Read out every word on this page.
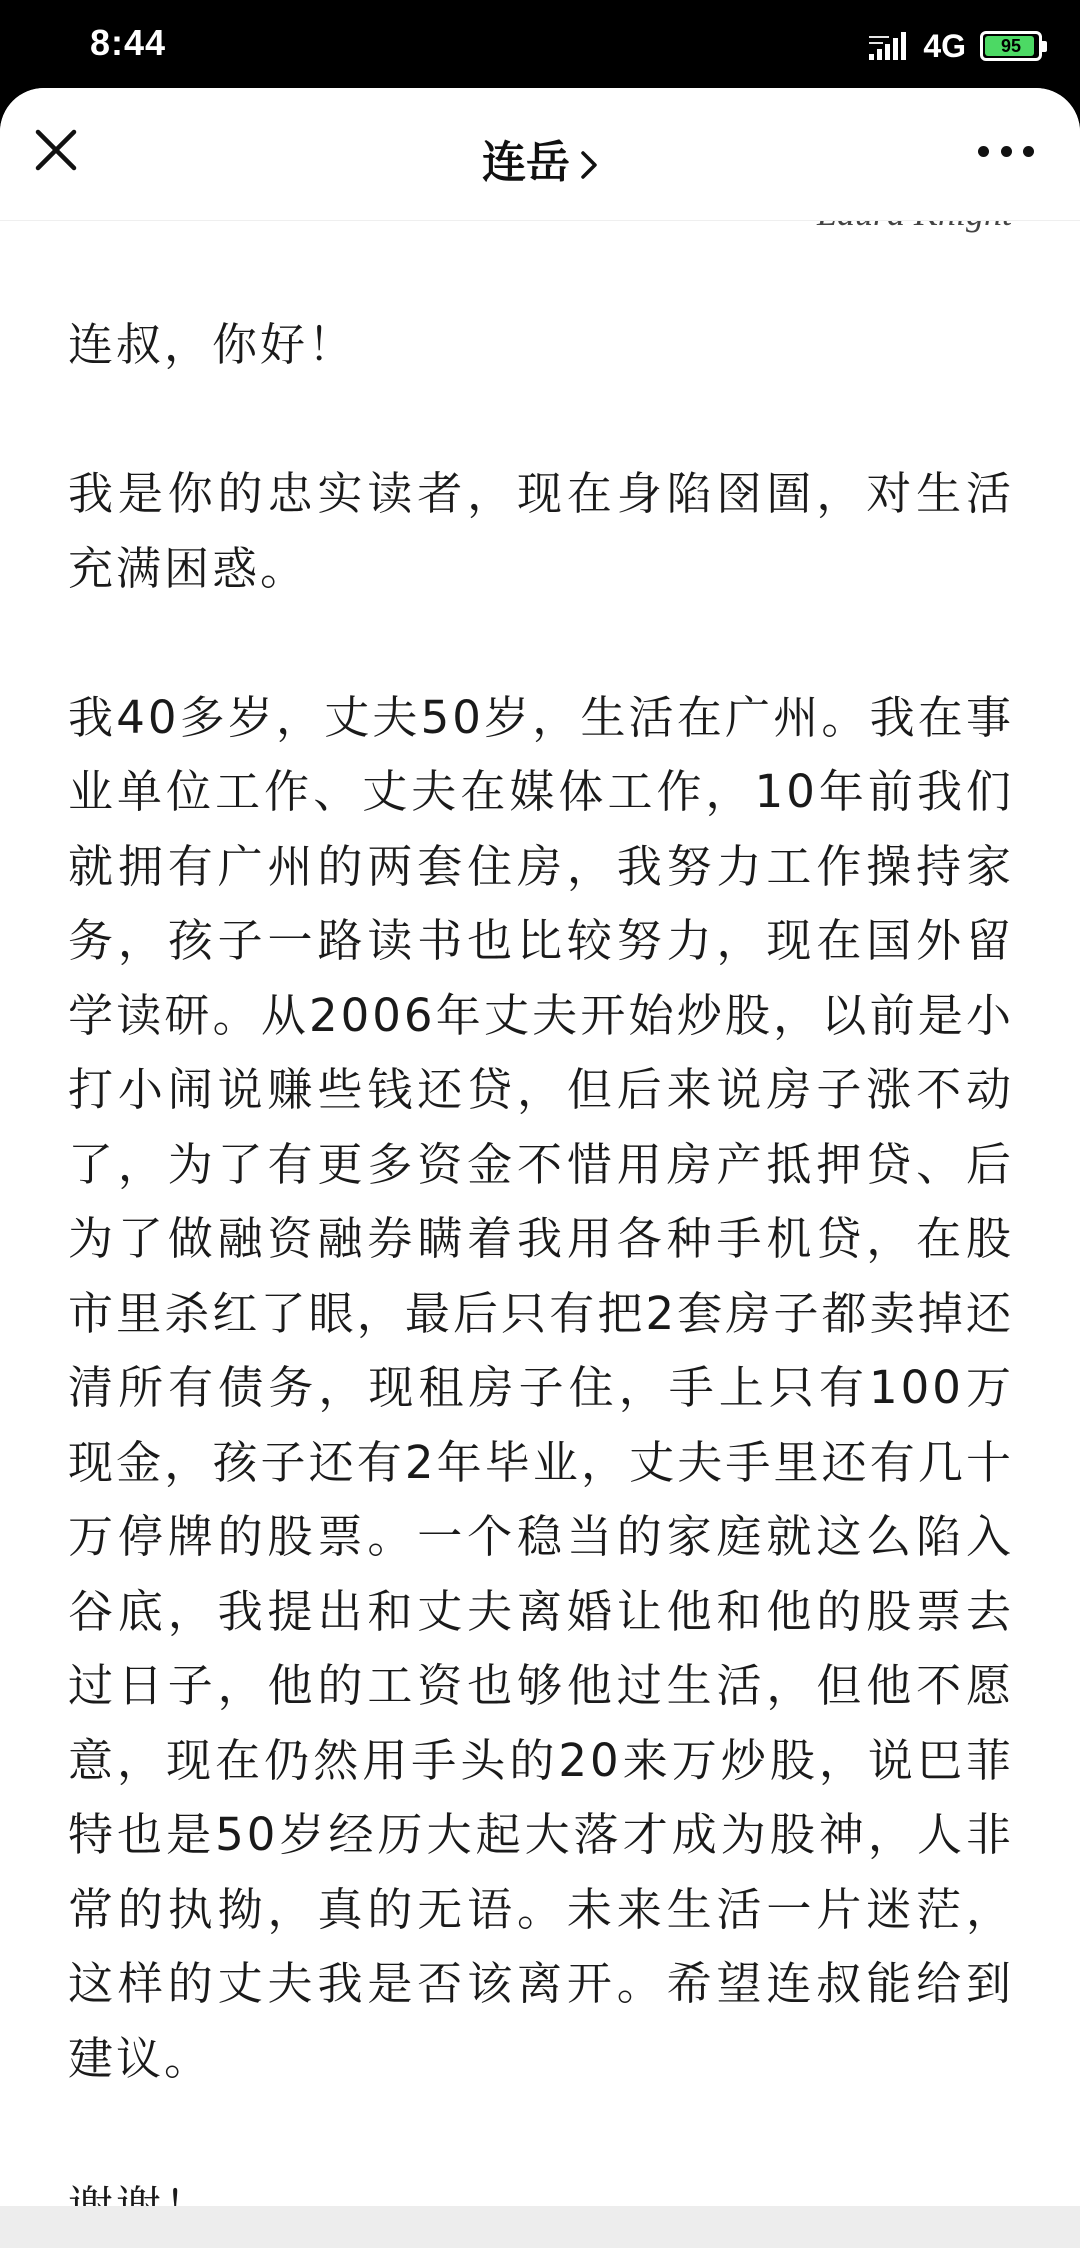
8:44	4G 95

连叔，你好！

我是你的忠实读者，现在身陷囹圄，对生活充满困惑。

我40多岁，丈夫50岁，生活在广州。我在事业单位工作、丈夫在媒体工作，10年前我们就拥有广州的两套住房，我努力工作操持家务，孩子一路读书也比较努力，现在国外留学读研。从2006年丈夫开始炒股，以前是小打小闹说赚些钱还贷，但后来说房子涨不动了，为了有更多资金不惜用房产抵押贷、后为了做融资融券瞒着我用各种手机贷，在股市里杀红了眼，最后只有把2套房子都卖掉还清所有债务，现租房子住，手上只有100万现金，孩子还有2年毕业，丈夫手里还有几十万停牌的股票。一个稳当的家庭就这么陷入谷底，我提出和丈夫离婚让他和他的股票去过日子，他的工资也够他过生活，但他不愿意，现在仍然用手头的20来万炒股，说巴菲特也是50岁经历大起大落才成为股神，人非常的执拗，真的无语。未来生活一片迷茫，这样的丈夫我是否该离开。希望连叔能给到建议。

连岳
